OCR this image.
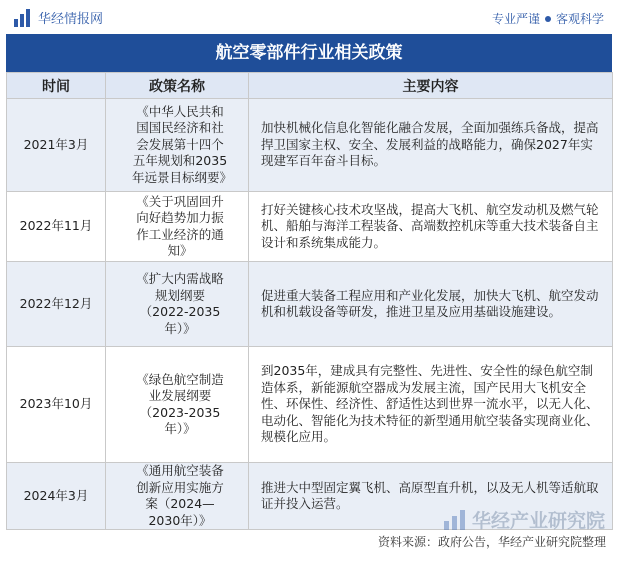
华经情报网	专业严谨 客观科学
航空零部件行业相关政策
时间	政策名称	主要内容
2021年3月	《中华人民共和国国民经济和社会发展第十四个五年规划和2035年远景目标纲要》	加快机械化信息化智能化融合发展，全面加强练兵备战，提高捍卫国家主权、安全、发展利益的战略能力，确保2027年实现建军百年奋斗目标。
2022年11月	《关于巩固回升向好趋势加力振作工业经济的通知》	打好关键核心技术攻坚战，提高大飞机、航空发动机及燃气轮机、船舶与海洋工程装备、高端数控机床等重大技术装备自主设计和系统集成能力。
2022年12月	《扩大内需战略规划纲要（2022-2035年）》	促进重大装备工程应用和产业化发展，加快大飞机、航空发动机和机载设备等研发，推进卫星及应用基础设施建设。
2023年10月	《绿色航空制造业发展纲要（2023-2035年）》	到2035年，建成具有完整性、先进性、安全性的绿色航空制造体系，新能源航空器成为发展主流，国产民用大飞机安全性、环保性、经济性、舒适性达到世界一流水平，以无人化、电动化、智能化为技术特征的新型通用航空装备实现商业化、规模化应用。
2024年3月	《通用航空装备创新应用实施方案（2024—2030年）》	推进大中型固定翼飞机、高原型直升机，以及无人机等适航取证并投入运营。
华经产业研究院
资料来源：政府公告，华经产业研究院整理
